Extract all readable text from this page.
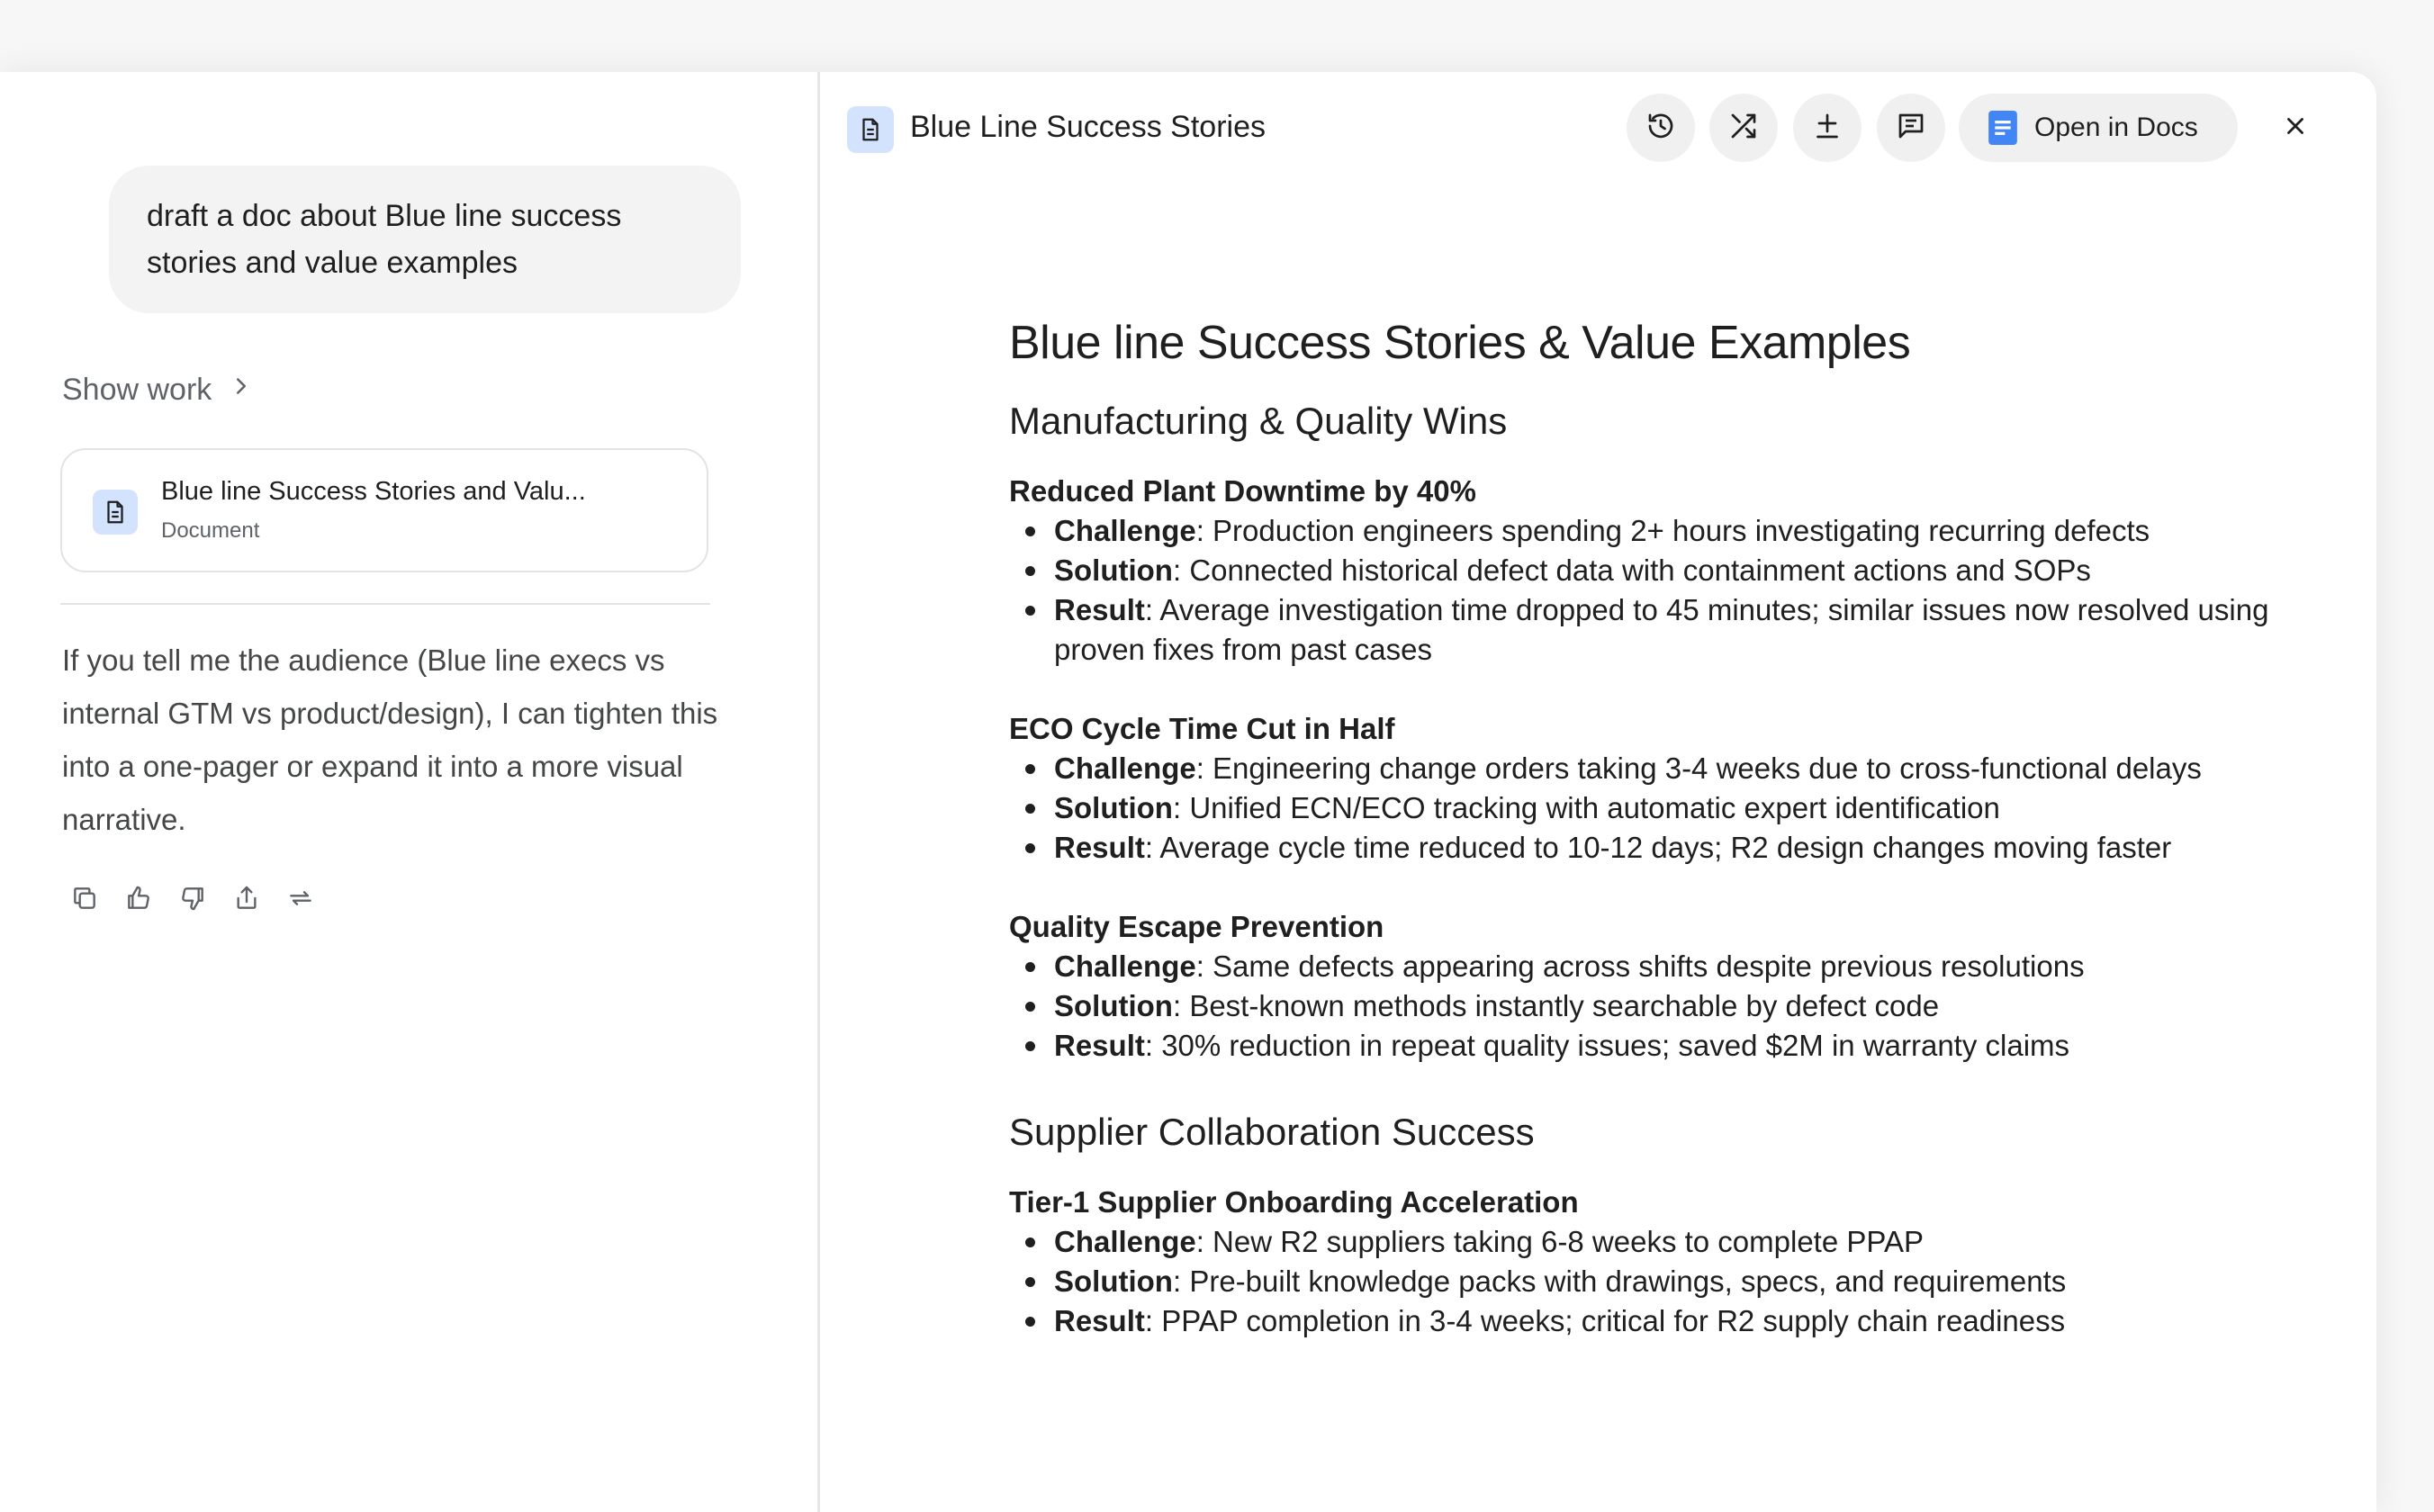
draft a doc about Blue line success stories and value examples
Show work
Blue line Success Stories and Valu...
Document
If you tell me the audience (Blue line execs vs internal GTM vs product/design), I can tighten this into a one-pager or expand it into a more visual narrative.
Blue Line Success Stories	Open in Docs
Blue line Success Stories & Value Examples
Manufacturing & Quality Wins

Reduced Plant Downtime by 40%

Challenge: Production engineers spending 2+ hours investigating recurring defects
Solution: Connected historical defect data with containment actions and SOPs
Result: Average investigation time dropped to 45 minutes; similar issues now resolved using proven fixes from past cases

ECO Cycle Time Cut in Half

Challenge: Engineering change orders taking 3-4 weeks due to cross-functional delays
Solution: Unified ECN/ECO tracking with automatic expert identification
Result: Average cycle time reduced to 10-12 days; R2 design changes moving faster

Quality Escape Prevention

Challenge: Same defects appearing across shifts despite previous resolutions
Solution: Best-known methods instantly searchable by defect code
Result: 30% reduction in repeat quality issues; saved $2M in warranty claims
Supplier Collaboration Success

Tier-1 Supplier Onboarding Acceleration

Challenge: New R2 suppliers taking 6-8 weeks to complete PPAP
Solution: Pre-built knowledge packs with drawings, specs, and requirements
Result: PPAP completion in 3-4 weeks; critical for R2 supply chain readiness
